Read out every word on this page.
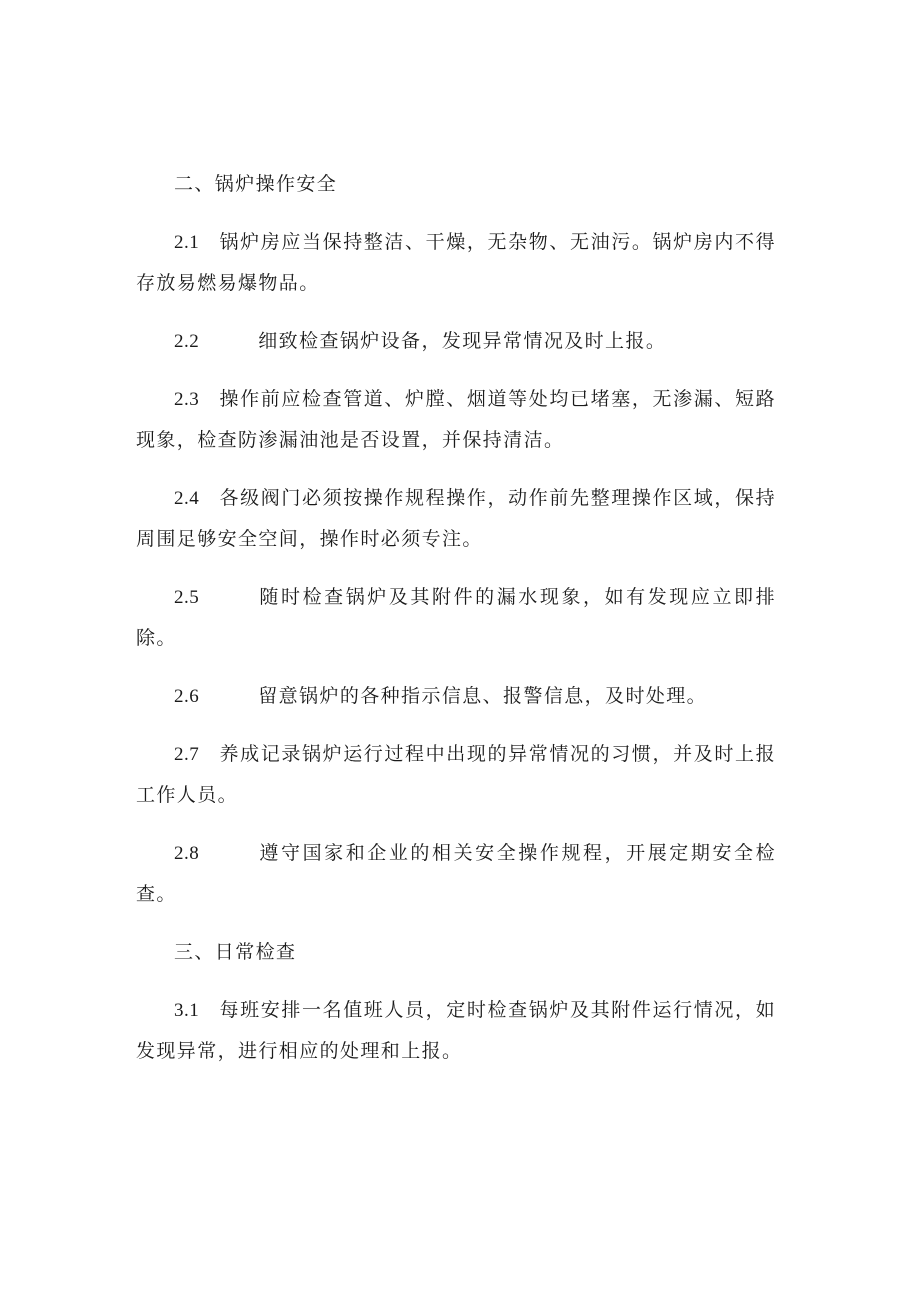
二、锅炉操作安全

2.1 锅炉房应当保持整洁、干燥，无杂物、无油污。锅炉房内不得存放易燃易爆物品。

2.2	细致检查锅炉设备，发现异常情况及时上报。

2.3 操作前应检查管道、炉膛、烟道等处均已堵塞，无渗漏、短路现象，检查防渗漏油池是否设置，并保持清洁。

2.4 各级阀门必须按操作规程操作，动作前先整理操作区域，保持周围足够安全空间，操作时必须专注。

2.5	随时检查锅炉及其附件的漏水现象，如有发现应立即排除。

2.6	留意锅炉的各种指示信息、报警信息，及时处理。

2.7 养成记录锅炉运行过程中出现的异常情况的习惯，并及时上报工作人员。

2.8	遵守国家和企业的相关安全操作规程，开展定期安全检查。

三、日常检查

3.1 每班安排一名值班人员，定时检查锅炉及其附件运行情况，如发现异常，进行相应的处理和上报。
